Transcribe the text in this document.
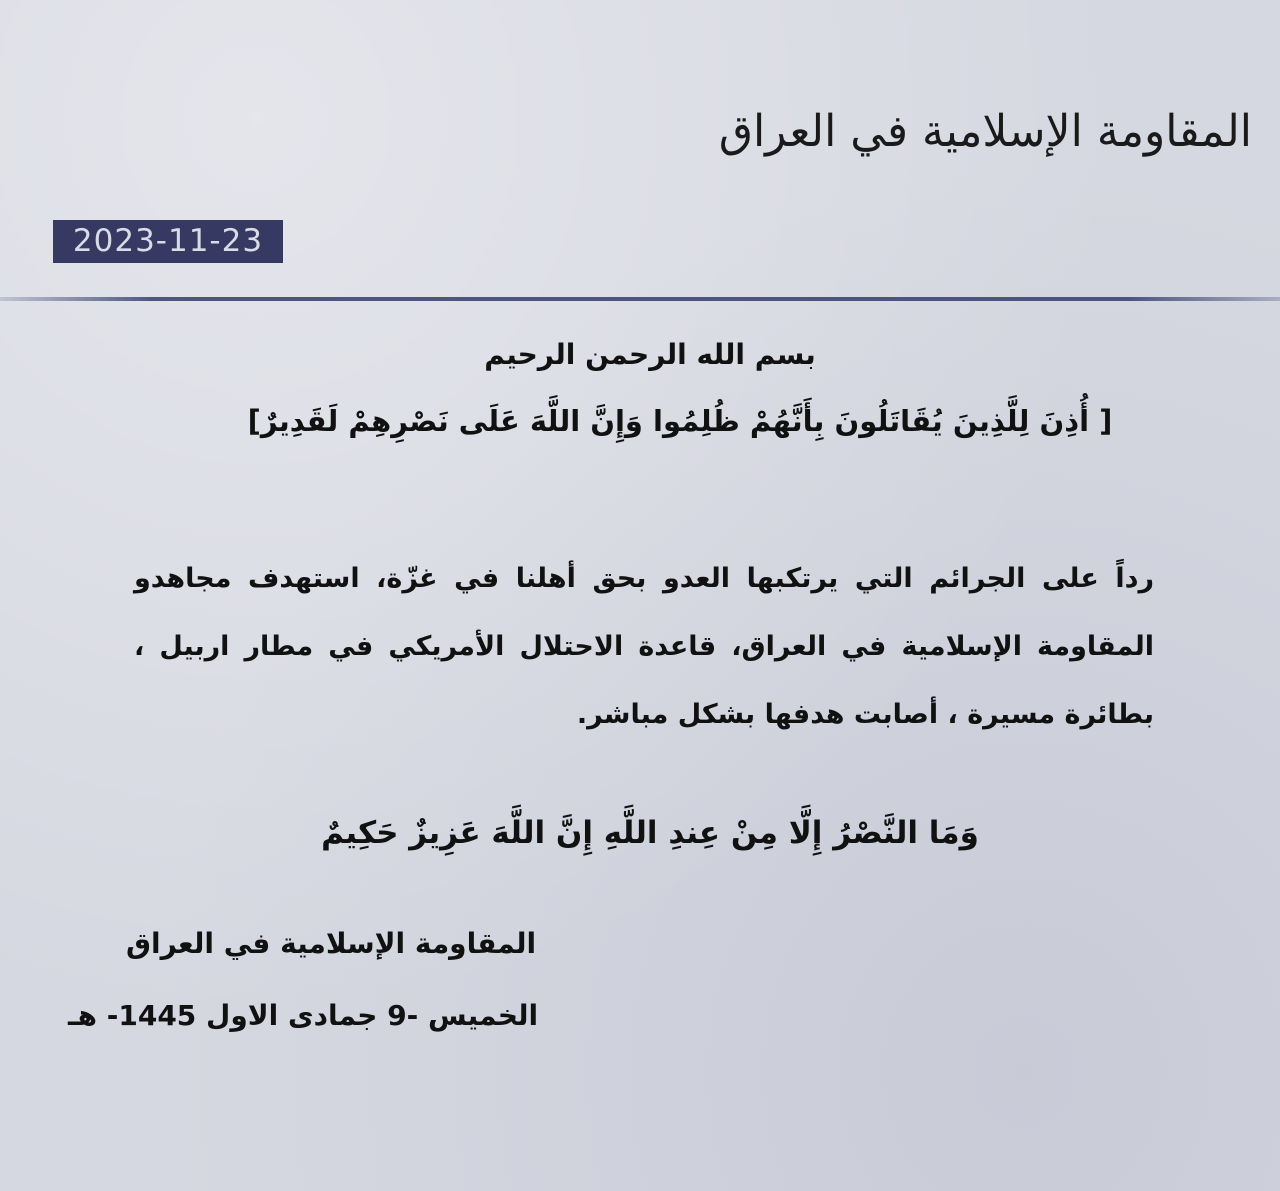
المقاومة الإسلامية في العراق
2023-11-23
بسم الله الرحمن الرحيم
[ أُذِنَ لِلَّذِينَ يُقَاتَلُونَ بِأَنَّهُمْ ظُلِمُوا وَإِنَّ اللَّهَ عَلَى نَصْرِهِمْ لَقَدِيرٌ]
رداً على الجرائم التي يرتكبها العدو بحق أهلنا في غزّة، استهدف مجاهدو المقاومة الإسلامية في العراق، قاعدة الاحتلال الأمريكي في مطار اربيل ، بطائرة مسيرة ، أصابت هدفها بشكل مباشر.
وَمَا النَّصْرُ إِلَّا مِنْ عِندِ اللَّهِ إِنَّ اللَّهَ عَزِيزٌ حَكِيمٌ
المقاومة الإسلامية في العراق
الخميس -9 جمادى الاول 1445- هـ
